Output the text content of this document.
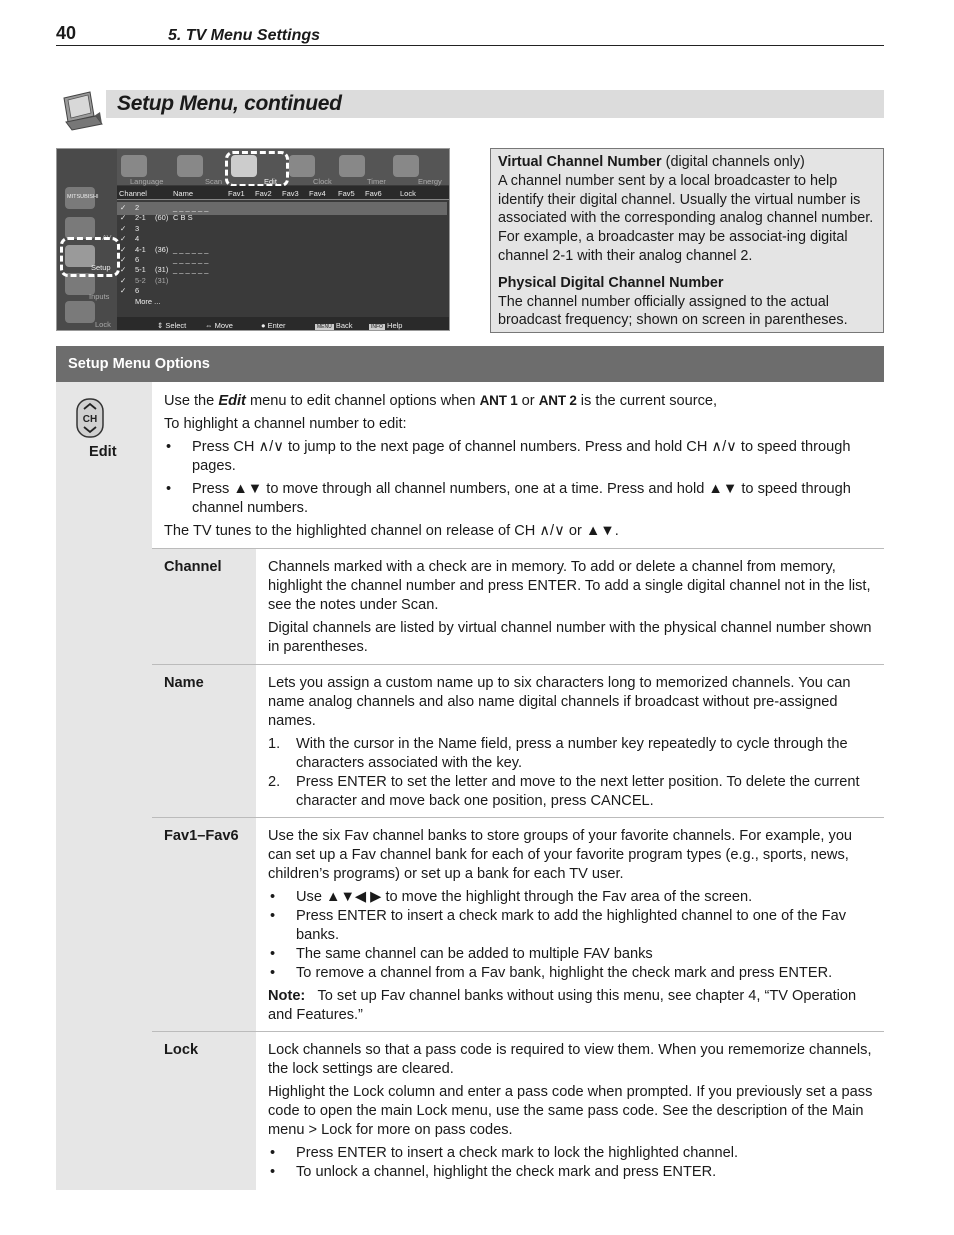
40	5. TV Menu Settings
Setup Menu, continued
MITSUBISHI
AV
Setup
Inputs
Lock
Language	Scan	Edit	Clock	Timer	Energy
Channel	Name	Fav1 Fav2 Fav3 Fav4 Fav5 Fav6 Lock
✓ 2	_ _ _ _ _ _
✓ 2-1 (60) C B S
✓ 3
✓ 4
✓ 4-1 (36) _ _ _ _ _ _
✓ 6	_ _ _ _ _ _
✓ 5-1 (31) _ _ _ _ _ _
✓ 5-2 (31)
✓ 6
More ...
⇕ Select	⇔ Move	● Enter	MENU Back	INFO Help

Virtual Channel Number (digital channels only)
A channel number sent by a local broadcaster to help identify their digital channel. Usually the virtual number is associated with the corresponding analog channel number. For example, a broadcaster may be associat-ing digital channel 2-1 with their analog channel 2.

Physical Digital Channel Number
The channel number officially assigned to the actual broadcast frequency; shown on screen in parentheses.

Setup Menu Options
CH
Edit

Use the Edit menu to edit channel options when ANT 1 or ANT 2 is the current source,

To highlight a channel number to edit:

• Press CH ∧/∨ to jump to the next page of channel numbers. Press and hold CH ∧/∨ to speed through pages.
• Press ▲▼ to move through all channel numbers, one at a time. Press and hold ▲▼ to speed through channel numbers.

The TV tunes to the highlighted channel on release of CH ∧/∨ or ▲▼.

Channel	Channels marked with a check are in memory. To add or delete a channel from memory, highlight the channel number and press ENTER. To add a single digital channel not in the list, see the notes under Scan.

Digital channels are listed by virtual channel number with the physical channel number shown in parentheses.

Name	Lets you assign a custom name up to six characters long to memorized channels. You can name analog channels and also name digital channels if broadcast without pre-assigned names.

1. With the cursor in the Name field, press a number key repeatedly to cycle through the characters associated with the key.
2. Press ENTER to set the letter and move to the next letter position. To delete the current character and move back one position, press CANCEL.
Fav1–Fav6 Use the six Fav channel banks to store groups of your favorite channels. For example, you can set up a Fav channel bank for each of your favorite program types (e.g., sports, news, children’s programs) or set up a bank for each TV user.

• Use ▲▼◀ ▶ to move the highlight through the Fav area of the screen.
• Press ENTER to insert a check mark to add the highlighted channel to one of the Fav banks.
• The same channel can be added to multiple FAV banks
• To remove a channel from a Fav bank, highlight the check mark and press ENTER.

Note: To set up Fav channel banks without using this menu, see chapter 4, “TV Operation and Features.”

Lock	Lock channels so that a pass code is required to view them. When you rememorize channels, the lock settings are cleared.

Highlight the Lock column and enter a pass code when prompted. If you previously set a pass code to open the main Lock menu, use the same pass code. See the description of the Main menu > Lock for more on pass codes.

• Press ENTER to insert a check mark to lock the highlighted channel.
• To unlock a channel, highlight the check mark and press ENTER.
